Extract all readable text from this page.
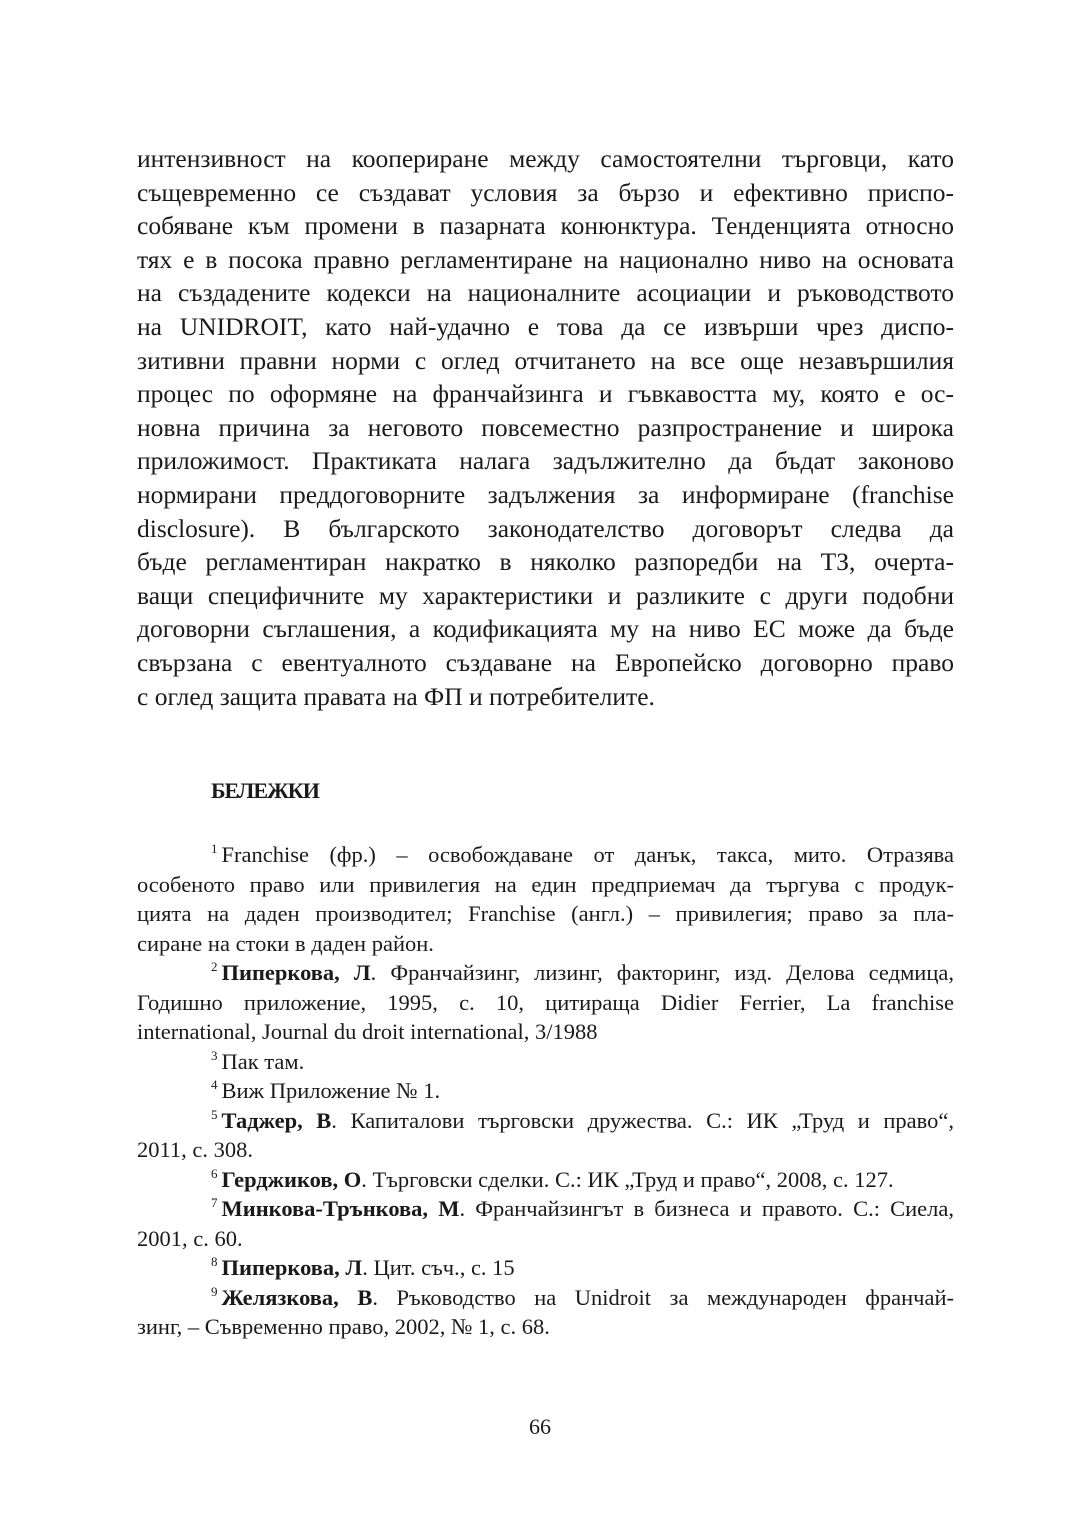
интензивност на коопериране между самостоятелни търговци, като
същевременно се създават условия за бързо и ефективно приспо-
собяване към промени в пазарната конюнктура. Тенденцията относно
тях е в посока правно регламентиране на национално ниво на основата
на създадените кодекси на националните асоциации и ръководството
на UNIDROIT, като най-удачно е това да се извърши чрез диспо-
зитивни правни норми с оглед отчитането на все още незавършилия
процес по оформяне на франчайзинга и гъвкавостта му, която е ос-
новна причина за неговото повсеместно разпространение и широка
приложимост. Практиката налага задължително да бъдат законово
нормирани преддоговорните задължения за информиране (franchise
disclosure). В българското законодателство договорът следва да
бъде регламентиран накратко в няколко разпоредби на ТЗ, очерта-
ващи специфичните му характеристики и разликите с други подобни
договорни съглашения, а кодификацията му на ниво ЕС може да бъде
свързана с евентуалното създаване на Европейско договорно право
с оглед защита правата на ФП и потребителите.
БЕЛЕЖКИ
$^1$ Franchise (фр.) – освобождаване от данък, такса, мито. Отразява
особеното право или привилегия на един предприемач да търгува с продук-
цията на даден производител; Franchise (англ.) – привилегия; право за пла-
сиране на стоки в даден район.
$^2$ Пиперкова, Л. Франчайзинг, лизинг, факторинг, изд. Делова седмица,
Годишно приложение, 1995, с. 10, цитираща Didier Ferrier, La franchise
international, Journal du droit international, 3/1988
$^3$ Пак там.
$^4$ Виж Приложение № 1.
$^5$ Таджер, В. Капиталови търговски дружества. С.: ИК „Труд и право“,
2011, с. 308.
$^6$ Герджиков, О. Търговски сделки. С.: ИК „Труд и право“, 2008, с. 127.
$^7$ Минкова-Трънкова, М. Франчайзингът в бизнеса и правото. С.: Сиела,
2001, с. 60.
$^8$ Пиперкова, Л. Цит. съч., с. 15
$^9$ Желязкова, В. Ръководство на Unidroit за международен франчай-
зинг, – Съвременно право, 2002, № 1, с. 68.
66
